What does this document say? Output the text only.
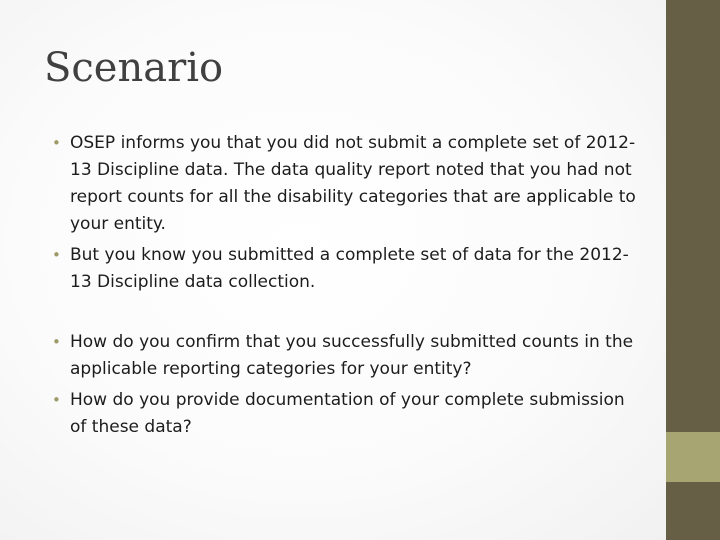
Scenario
• OSEP informs you that you did not submit a complete set of 2012-13 Discipline data. The data quality report noted that you had not report counts for all the disability categories that are applicable to your entity.
• But you know you submitted a complete set of data for the 2012-13 Discipline data collection.
• How do you confirm that you successfully submitted counts in the applicable reporting categories for your entity?
• How do you provide documentation of your complete submission of these data?
